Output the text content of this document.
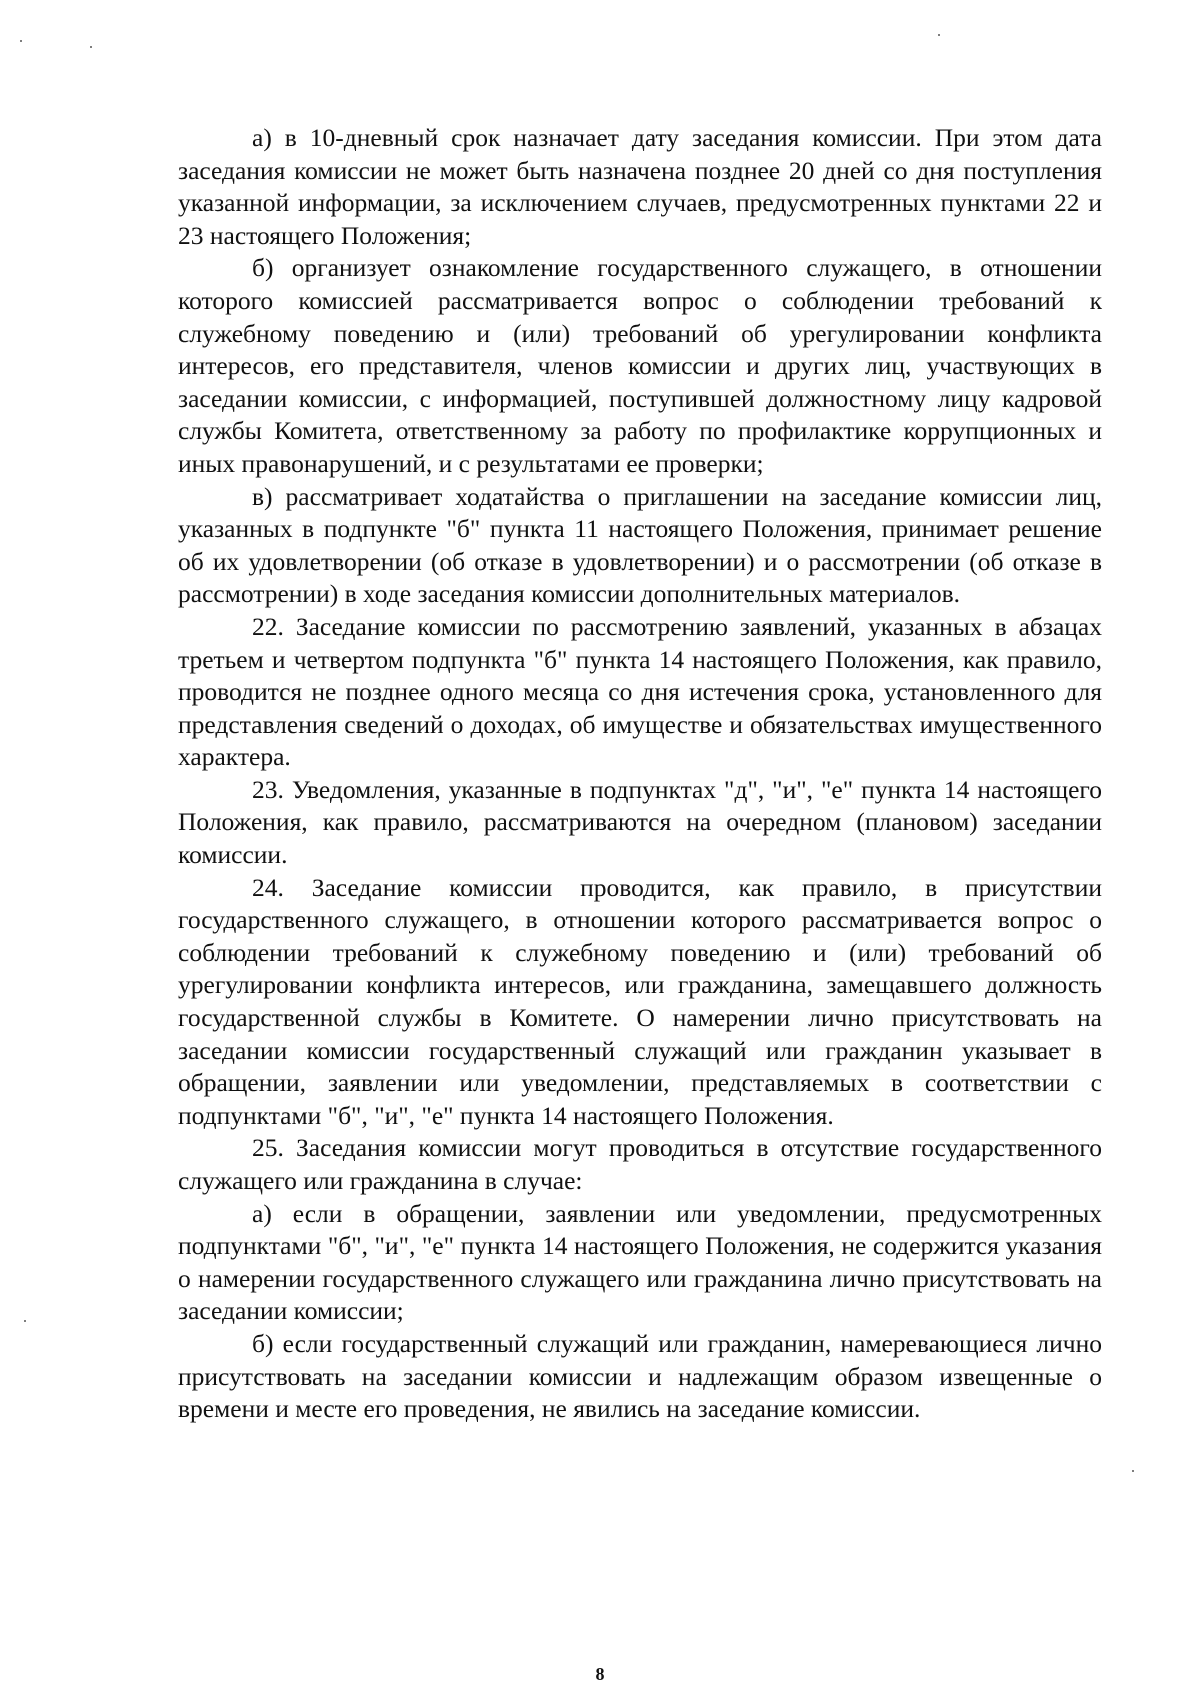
а) в 10-дневный срок назначает дату заседания комиссии. При этом дата заседания комиссии не может быть назначена позднее 20 дней со дня поступления указанной информации, за исключением случаев, предусмотренных пунктами 22 и 23 настоящего Положения;

б) организует ознакомление государственного служащего, в отношении которого комиссией рассматривается вопрос о соблюдении требований к служебному поведению и (или) требований об урегулировании конфликта интересов, его представителя, членов комиссии и других лиц, участвующих в заседании комиссии, с информацией, поступившей должностному лицу кадровой службы Комитета, ответственному за работу по профилактике коррупционных и иных правонарушений, и с результатами ее проверки;

в) рассматривает ходатайства о приглашении на заседание комиссии лиц, указанных в подпункте "б" пункта 11 настоящего Положения, принимает решение об их удовлетворении (об отказе в удовлетворении) и о рассмотрении (об отказе в рассмотрении) в ходе заседания комиссии дополнительных материалов.

22. Заседание комиссии по рассмотрению заявлений, указанных в абзацах третьем и четвертом подпункта "б" пункта 14 настоящего Положения, как правило, проводится не позднее одного месяца со дня истечения срока, установленного для представления сведений о доходах, об имуществе и обязательствах имущественного характера.

23. Уведомления, указанные в подпунктах "д", "и", "е" пункта 14 настоящего Положения, как правило, рассматриваются на очередном (плановом) заседании комиссии.

24. Заседание комиссии проводится, как правило, в присутствии государственного служащего, в отношении которого рассматривается вопрос о соблюдении требований к служебному поведению и (или) требований об урегулировании конфликта интересов, или гражданина, замещавшего должность государственной службы в Комитете. О намерении лично присутствовать на заседании комиссии государственный служащий или гражданин указывает в обращении, заявлении или уведомлении, представляемых в соответствии с подпунктами "б", "и", "е" пункта 14 настоящего Положения.

25. Заседания комиссии могут проводиться в отсутствие государственного служащего или гражданина в случае:

а) если в обращении, заявлении или уведомлении, предусмотренных подпунктами "б", "и", "е" пункта 14 настоящего Положения, не содержится указания о намерении государственного служащего или гражданина лично присутствовать на заседании комиссии;

б) если государственный служащий или гражданин, намеревающиеся лично присутствовать на заседании комиссии и надлежащим образом извещенные о времени и месте его проведения, не явились на заседание комиссии.

8
